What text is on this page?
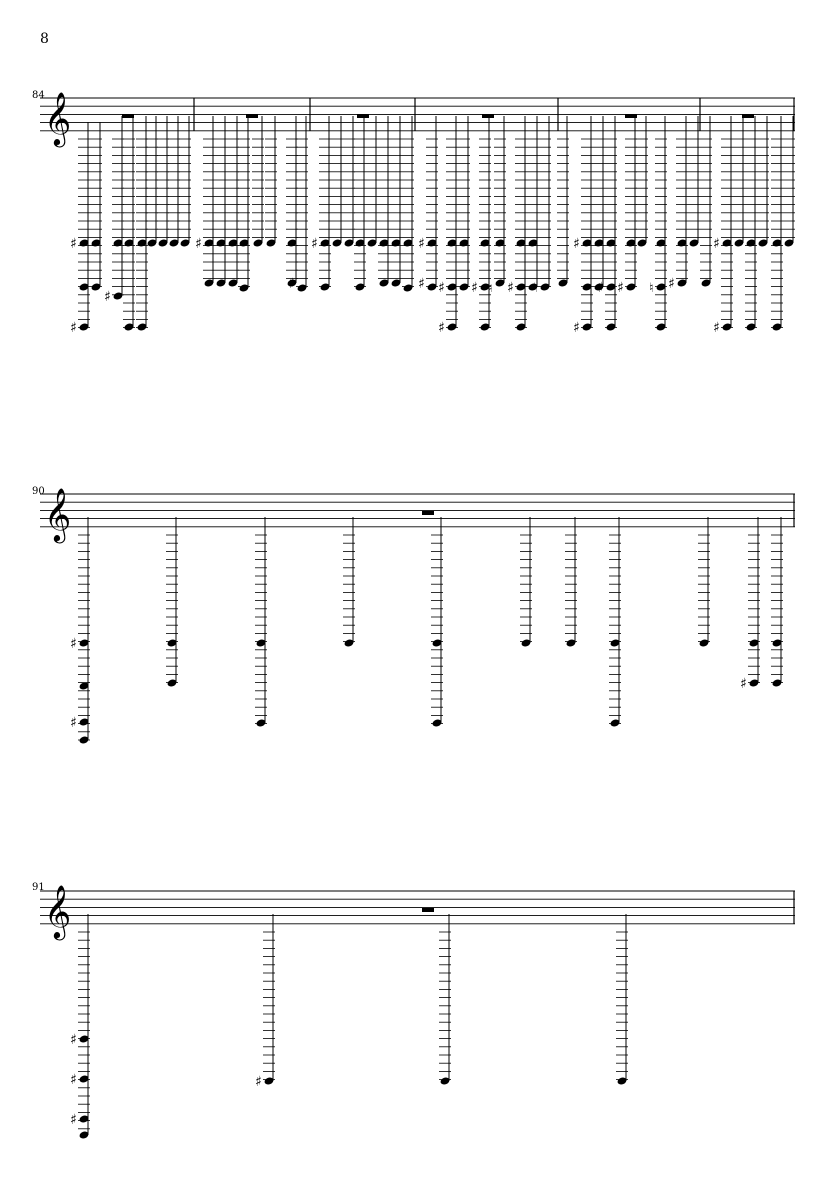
8
84
90
91
𝄞
♯
♯
♯
♯
♯
♯	♯
♯ ♯
♯
♯ ♮ ♯ ♮
♯
♯
♯ ♯ ♮ ♯
♯
♯
𝄞
♯
♯
♯
𝄞
♯
♯
♯
♯
